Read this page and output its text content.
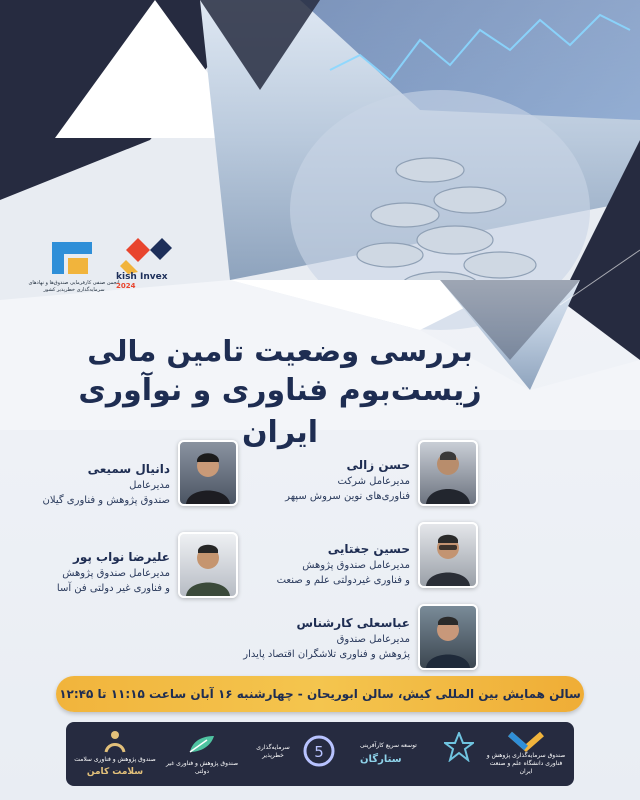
انجمن صنفی کارفرمایی صندوق‌ها و نهادهای سرمایه‌گذاری خطرپذیر کشور
kish Invex 2024
بررسی وضعیت تامین مالی
زیست‌بوم فناوری و نوآوری ایران
حسن زالی
مدیرعامل شرکت
فناوری‌های نوین سروش سپهر
حسین جغتایی
مدیرعامل صندوق پژوهش
و فناوری غیردولتی علم و صنعت
عباسعلی کارشناس
مدیرعامل صندوق
پژوهش و فناوری تلاشگران اقتصاد پایدار
دانیال سمیعی
مدیرعامل
صندوق پژوهش و فناوری گیلان
علیرضا نواب پور
مدیرعامل صندوق پژوهش
و فناوری غیر دولتی فن آسا
سالن همایش بین المللی کیش، سالن ابوریحان - چهارشنبه ۱۶ آبان ساعت ۱۱:۱۵ تا ۱۲:۴۵
صندوق سرمایه‌گذاری پژوهش و فناوری دانشگاه علم و صنعت ایران
توسعه سریع کارآفرینی
ستارگان
5
سرمایه‌گذاری خطرپذیر
صندوق پژوهش و فناوری غیر دولتی
صندوق پژوهش و فناوری سلامت
سلامت کامن
